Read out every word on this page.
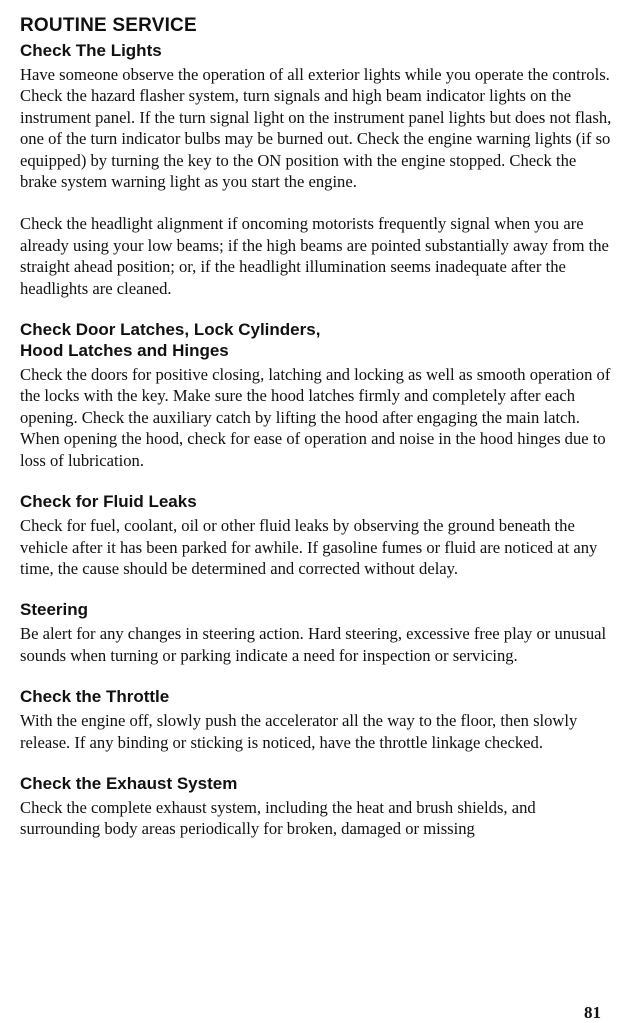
ROUTINE SERVICE
Check The Lights

Have someone observe the operation of all exterior lights while you operate the controls. Check the hazard flasher system, turn signals and high beam indicator lights on the instrument panel. If the turn signal light on the instrument panel lights but does not flash, one of the turn indicator bulbs may be burned out. Check the engine warning lights (if so equipped) by turning the key to the ON position with the engine stopped. Check the brake system warning light as you start the engine.

Check the headlight alignment if oncoming motorists frequently signal when you are already using your low beams; if the high beams are pointed substantially away from the straight ahead position; or, if the headlight illumination seems inadequate after the headlights are cleaned.

Check Door Latches, Lock Cylinders,
Hood Latches and Hinges

Check the doors for positive closing, latching and locking as well as smooth operation of the locks with the key. Make sure the hood latches firmly and completely after each opening. Check the auxiliary catch by lifting the hood after engaging the main latch. When opening the hood, check for ease of operation and noise in the hood hinges due to loss of lubrication.

Check for Fluid Leaks

Check for fuel, coolant, oil or other fluid leaks by observing the ground beneath the vehicle after it has been parked for awhile. If gasoline fumes or fluid are noticed at any time, the cause should be determined and corrected without delay.

Steering

Be alert for any changes in steering action. Hard steering, excessive free play or unusual sounds when turning or parking indicate a need for inspection or servicing.

Check the Throttle

With the engine off, slowly push the accelerator all the way to the floor, then slowly release. If any binding or sticking is noticed, have the throttle linkage checked.

Check the Exhaust System

Check the complete exhaust system, including the heat and brush shields, and surrounding body areas periodically for broken, damaged or missing

81
